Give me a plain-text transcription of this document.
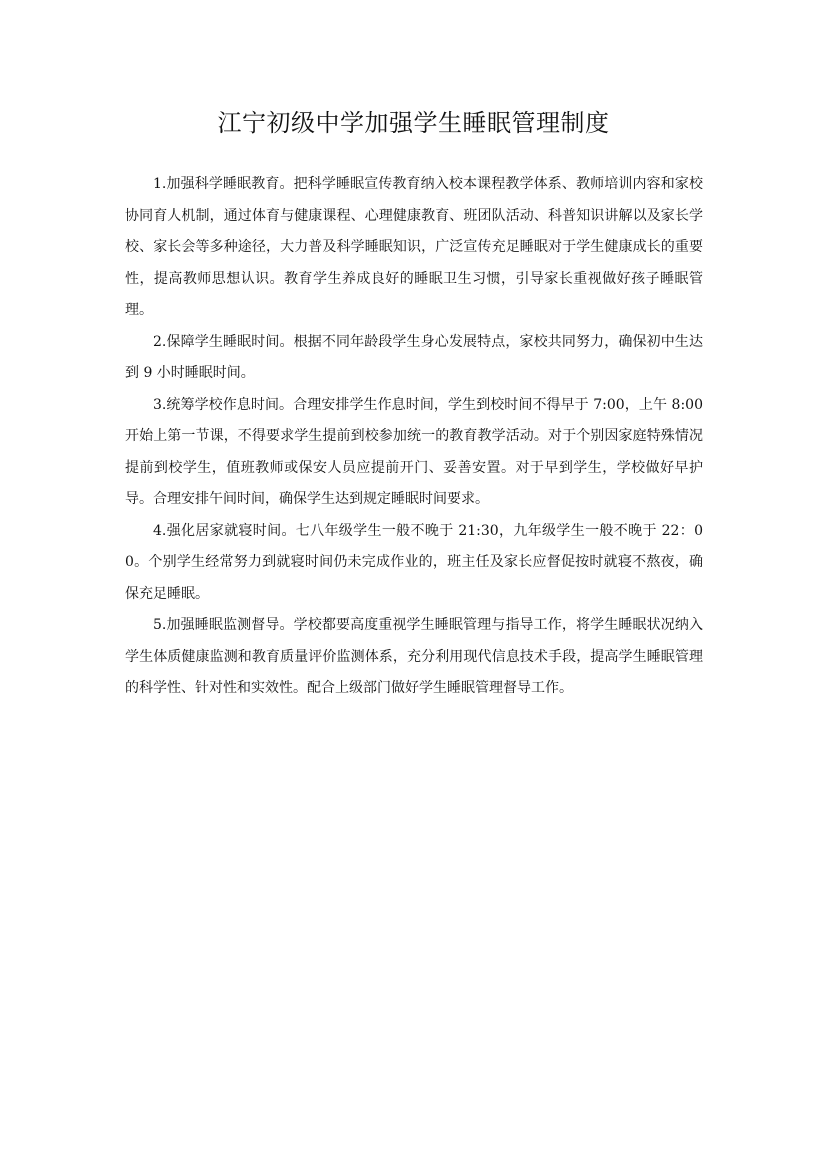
江宁初级中学加强学生睡眠管理制度

1.加强科学睡眠教育。把科学睡眠宣传教育纳入校本课程教学体系、教师培训内容和家校协同育人机制，通过体育与健康课程、心理健康教育、班团队活动、科普知识讲解以及家长学校、家长会等多种途径，大力普及科学睡眠知识，广泛宣传充足睡眠对于学生健康成长的重要性，提高教师思想认识。教育学生养成良好的睡眠卫生习惯，引导家长重视做好孩子睡眠管理。

2.保障学生睡眠时间。根据不同年龄段学生身心发展特点，家校共同努力，确保初中生达到 9 小时睡眠时间。

3.统筹学校作息时间。合理安排学生作息时间，学生到校时间不得早于 7:00，上午 8:00 开始上第一节课，不得要求学生提前到校参加统一的教育教学活动。对于个别因家庭特殊情况提前到校学生，值班教师或保安人员应提前开门、妥善安置。对于早到学生，学校做好早护导。合理安排午间时间，确保学生达到规定睡眠时间要求。

4.强化居家就寝时间。七八年级学生一般不晚于 21:30，九年级学生一般不晚于 22：00。个别学生经常努力到就寝时间仍未完成作业的，班主任及家长应督促按时就寝不熬夜，确保充足睡眠。

5.加强睡眠监测督导。学校都要高度重视学生睡眠管理与指导工作，将学生睡眠状况纳入学生体质健康监测和教育质量评价监测体系，充分利用现代信息技术手段，提高学生睡眠管理的科学性、针对性和实效性。配合上级部门做好学生睡眠管理督导工作。
